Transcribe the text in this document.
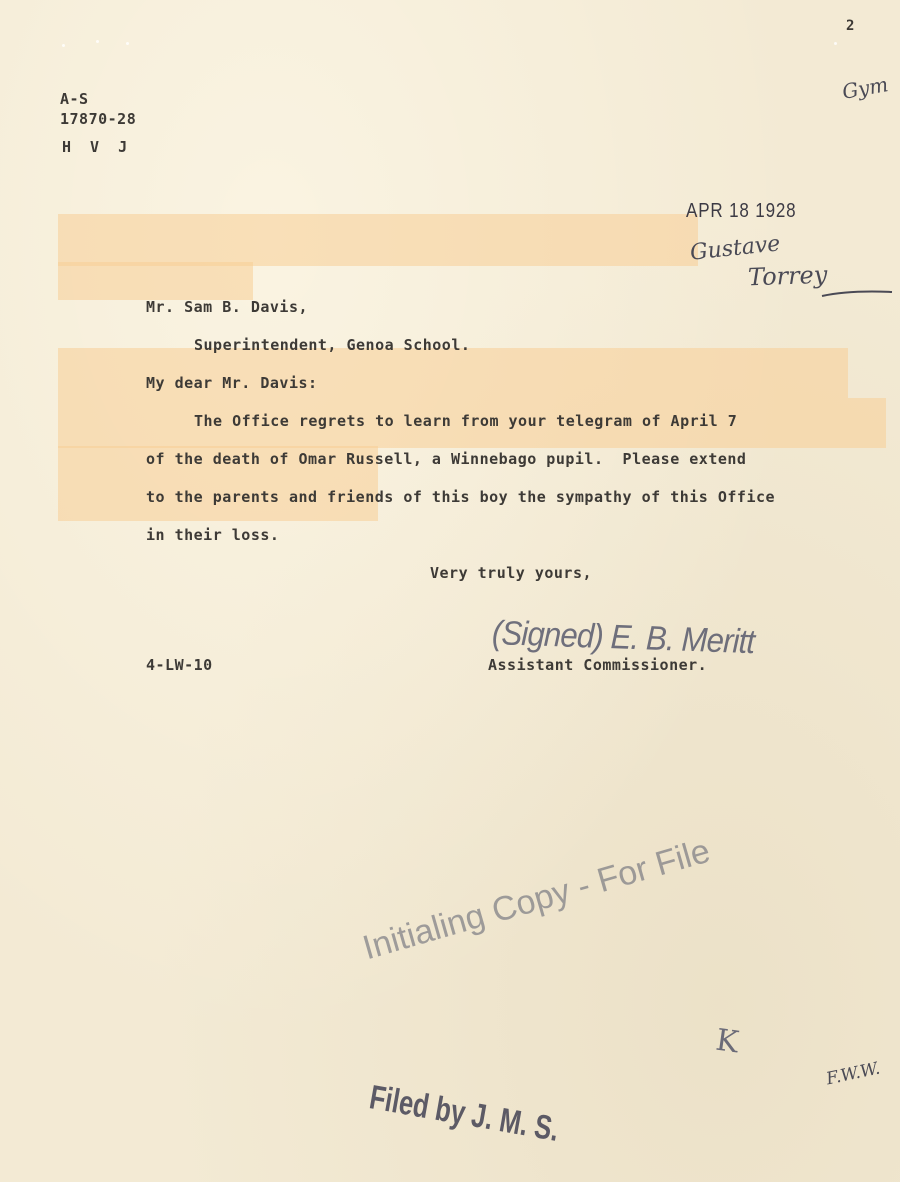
2
A-S
17870-28
H V J
APR 18 1928
Gym
Gustave
Torrey
Mr. Sam B. Davis,
Superintendent, Genoa School.
My dear Mr. Davis:
The Office regrets to learn from your telegram of April 7
of the death of Omar Russell, a Winnebago pupil.  Please extend
to the parents and friends of this boy the sympathy of this Office
in their loss.
Very truly yours,
(Signed) E. B. Meritt
4-LW-10	Assistant Commissioner.
Initialing Copy - For File
K
F.W.W.
Filed by J. M. S.
